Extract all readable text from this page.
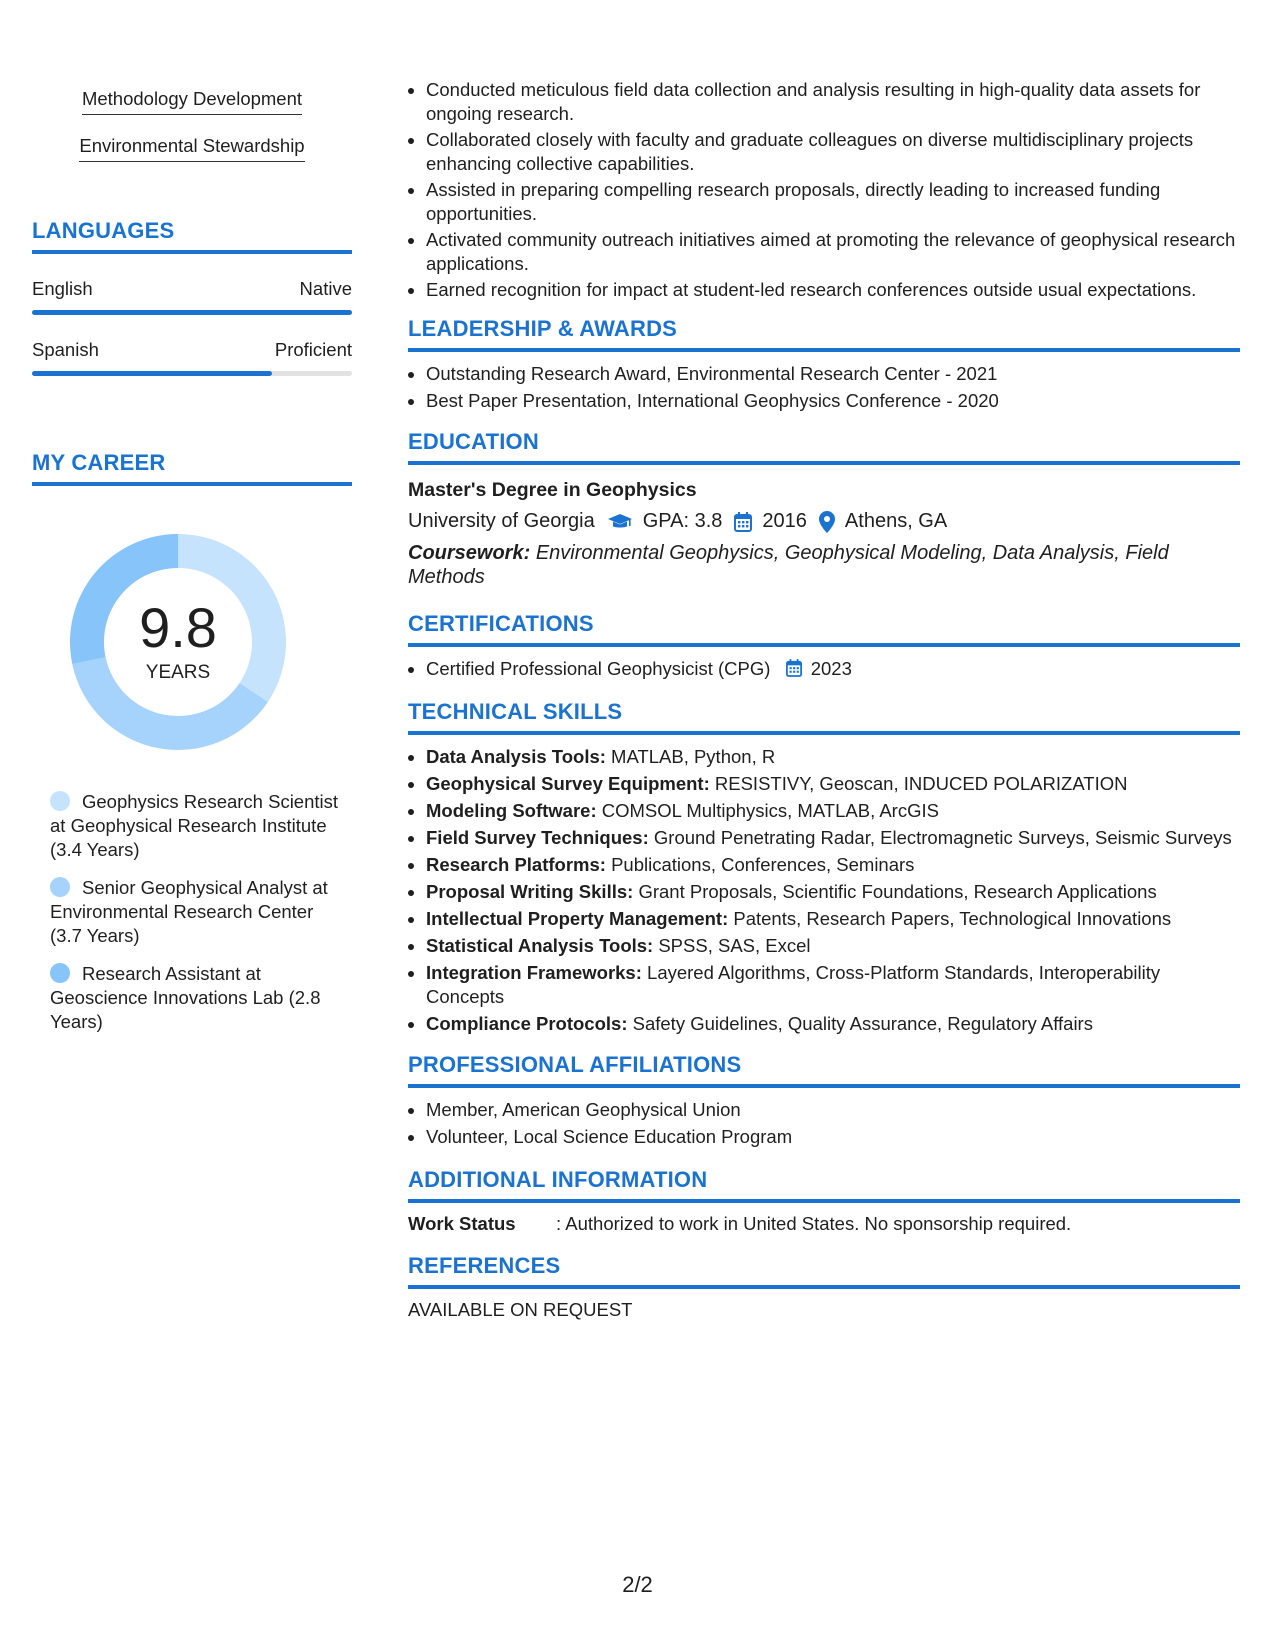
Methodology Development
Environmental Stewardship
LANGUAGES
English	Native
Spanish	Proficient
MY CAREER
9.8
YEARS
Geophysics Research Scientist at Geophysical Research Institute (3.4 Years)
Senior Geophysical Analyst at Environmental Research Center (3.7 Years)
Research Assistant at Geoscience Innovations Lab (2.8 Years)
• Conducted meticulous field data collection and analysis resulting in high-quality data assets for ongoing research.
• Collaborated closely with faculty and graduate colleagues on diverse multidisciplinary projects enhancing collective capabilities.
• Assisted in preparing compelling research proposals, directly leading to increased funding opportunities.
• Activated community outreach initiatives aimed at promoting the relevance of geophysical research applications.
• Earned recognition for impact at student-led research conferences outside usual expectations.
LEADERSHIP & AWARDS
• Outstanding Research Award, Environmental Research Center - 2021
• Best Paper Presentation, International Geophysics Conference - 2020
EDUCATION
Master's Degree in Geophysics
University of Georgia GPA: 3.8 2016 Athens, GA
Coursework: Environmental Geophysics, Geophysical Modeling, Data Analysis, Field Methods
CERTIFICATIONS
• Certified Professional Geophysicist (CPG) 2023
TECHNICAL SKILLS
• Data Analysis Tools: MATLAB, Python, R
• Geophysical Survey Equipment: RESISTIVY, Geoscan, INDUCED POLARIZATION
• Modeling Software: COMSOL Multiphysics, MATLAB, ArcGIS
• Field Survey Techniques: Ground Penetrating Radar, Electromagnetic Surveys, Seismic Surveys
• Research Platforms: Publications, Conferences, Seminars
• Proposal Writing Skills: Grant Proposals, Scientific Foundations, Research Applications
• Intellectual Property Management: Patents, Research Papers, Technological Innovations
• Statistical Analysis Tools: SPSS, SAS, Excel
• Integration Frameworks: Layered Algorithms, Cross-Platform Standards, Interoperability Concepts
• Compliance Protocols: Safety Guidelines, Quality Assurance, Regulatory Affairs
PROFESSIONAL AFFILIATIONS
• Member, American Geophysical Union
• Volunteer, Local Science Education Program
ADDITIONAL INFORMATION
Work Status	: Authorized to work in United States. No sponsorship required.
REFERENCES
AVAILABLE ON REQUEST
2/2
